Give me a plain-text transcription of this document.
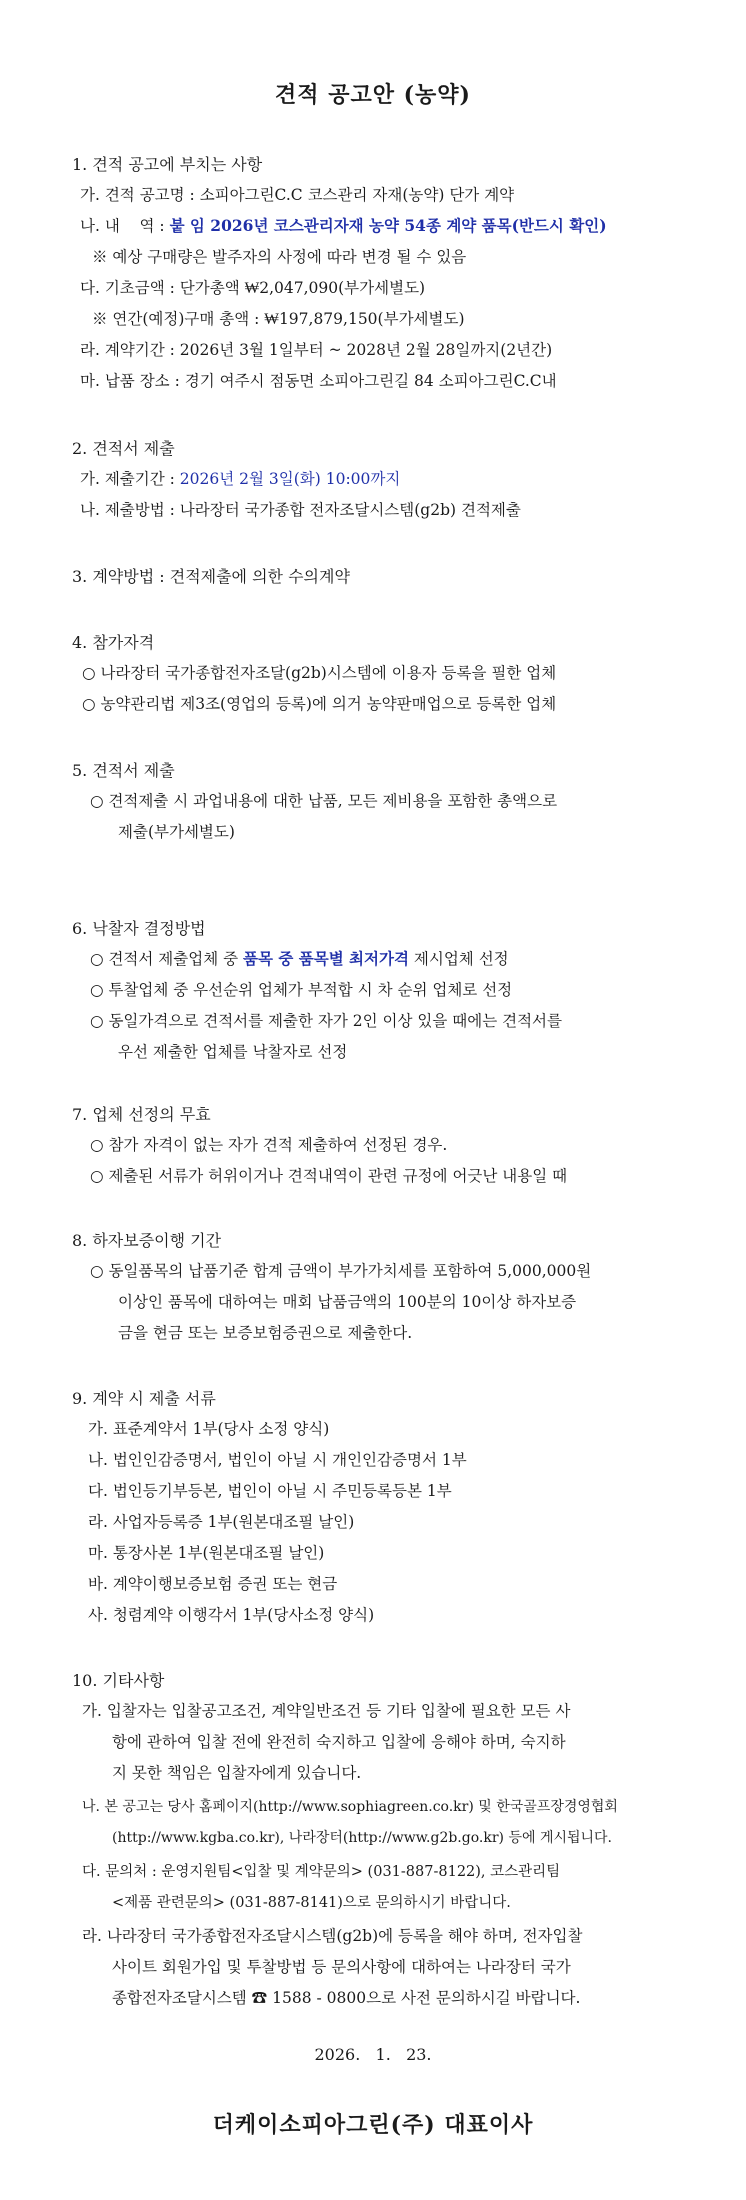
견적 공고안 (농약)
1. 견적 공고에 부치는 사항
가. 견적 공고명 : 소피아그린C.C 코스관리 자재(농약) 단가 계약
나. 내    역 : 붙 임 2026년 코스관리자재 농약 54종 계약 품목(반드시 확인)
※ 예상 구매량은 발주자의 사정에 따라 변경 될 수 있음
다. 기초금액 : 단가총액 ₩2,047,090(부가세별도)
※ 연간(예정)구매 총액 : ₩197,879,150(부가세별도)
라. 계약기간 : 2026년 3월 1일부터 ~ 2028년 2월 28일까지(2년간)
마. 납품 장소 : 경기 여주시 점동면 소피아그린길 84 소피아그린C.C내
2. 견적서 제출
가. 제출기간 : 2026년 2월 3일(화) 10:00까지
나. 제출방법 : 나라장터 국가종합 전자조달시스템(g2b) 견적제출
3. 계약방법 : 견적제출에 의한 수의계약
4. 참가자격
○ 나라장터 국가종합전자조달(g2b)시스템에 이용자 등록을 필한 업체
○ 농약관리법 제3조(영업의 등록)에 의거 농약판매업으로 등록한 업체
5. 견적서 제출
○ 견적제출 시 과업내용에 대한 납품, 모든 제비용을 포함한 총액으로
제출(부가세별도)
6. 낙찰자 결정방법
○ 견적서 제출업체 중 품목 중 품목별 최저가격 제시업체 선정
○ 투찰업체 중 우선순위 업체가 부적합 시 차 순위 업체로 선정
○ 동일가격으로 견적서를 제출한 자가 2인 이상 있을 때에는 견적서를
우선 제출한 업체를 낙찰자로 선정
7. 업체 선정의 무효
○ 참가 자격이 없는 자가 견적 제출하여 선정된 경우.
○ 제출된 서류가 허위이거나 견적내역이 관련 규정에 어긋난 내용일 때
8. 하자보증이행 기간
○ 동일품목의 납품기준 합계 금액이 부가가치세를 포함하여 5,000,000원
이상인 품목에 대하여는 매회 납품금액의 100분의 10이상 하자보증
금을 현금 또는 보증보험증권으로 제출한다.
9. 계약 시 제출 서류
가. 표준계약서 1부(당사 소정 양식)
나. 법인인감증명서, 법인이 아닐 시 개인인감증명서 1부
다. 법인등기부등본, 법인이 아닐 시 주민등록등본 1부
라. 사업자등록증 1부(원본대조필 날인)
마. 통장사본 1부(원본대조필 날인)
바. 계약이행보증보험 증권 또는 현금
사. 청렴계약 이행각서 1부(당사소정 양식)
10. 기타사항
가. 입찰자는 입찰공고조건, 계약일반조건 등 기타 입찰에 필요한 모든 사
항에 관하여 입찰 전에 완전히 숙지하고 입찰에 응해야 하며, 숙지하
지 못한 책임은 입찰자에게 있습니다.
나. 본 공고는 당사 홈페이지(http://www.sophiagreen.co.kr) 및 한국골프장경영협회
(http://www.kgba.co.kr), 나라장터(http://www.g2b.go.kr) 등에 게시됩니다.
다. 문의처 : 운영지원팀<입찰 및 계약문의> (031-887-8122), 코스관리팀
<제품 관련문의> (031-887-8141)으로 문의하시기 바랍니다.
라. 나라장터 국가종합전자조달시스템(g2b)에 등록을 해야 하며, 전자입찰
사이트 회원가입 및 투찰방법 등 문의사항에 대하여는 나라장터 국가
종합전자조달시스템 ☎ 1588 - 0800으로 사전 문의하시길 바랍니다.
2026.   1.   23.
더케이소피아그린(주) 대표이사
